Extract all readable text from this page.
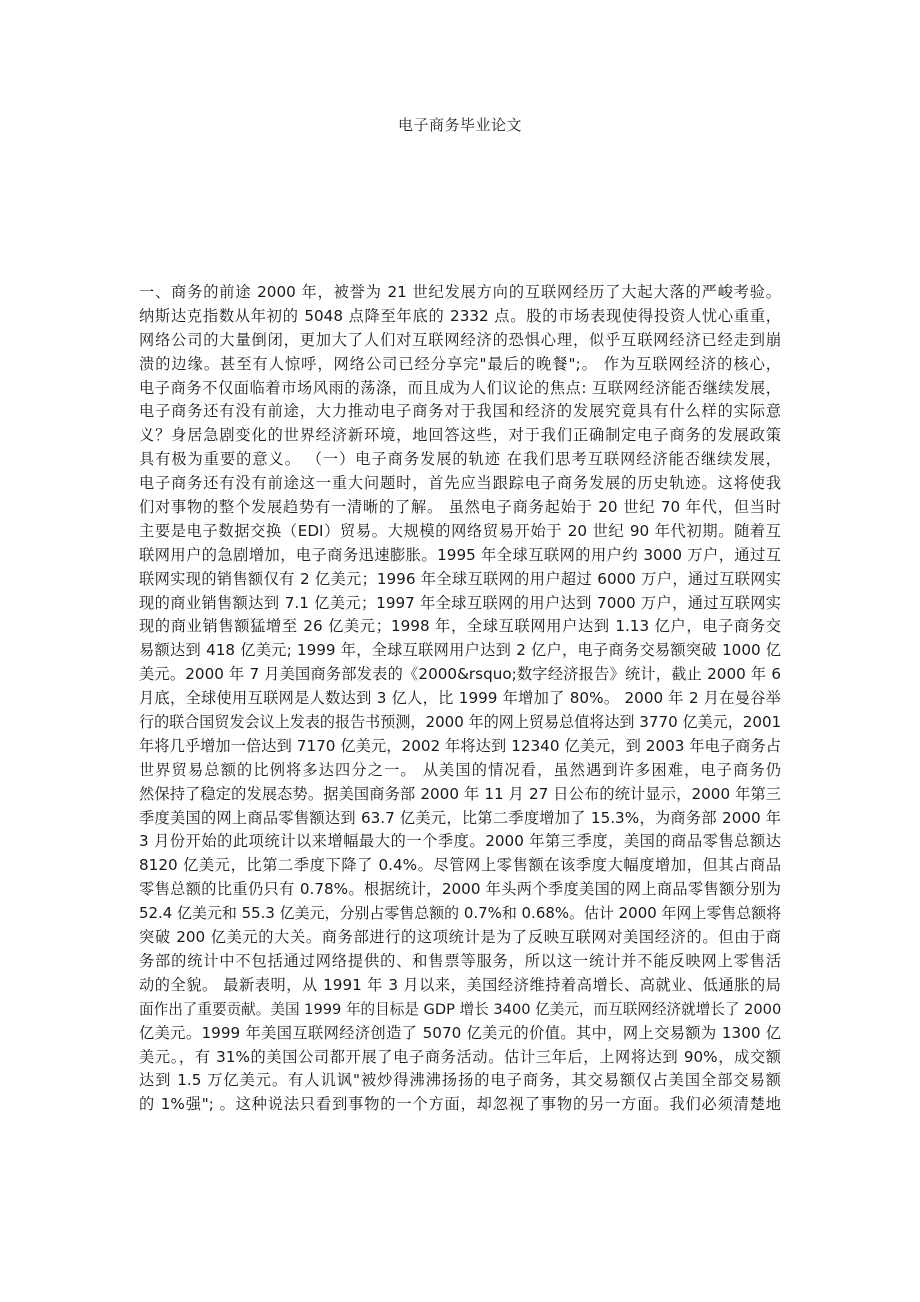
电子商务毕业论文
一、商务的前途 2000 年，被誉为 21 世纪发展方向的互联网经历了大起大落的严峻考验。
纳斯达克指数从年初的 5048 点降至年底的 2332 点。股的市场表现使得投资人忧心重重，
网络公司的大量倒闭，更加大了人们对互联网经济的恐惧心理，似乎互联网经济已经走到崩
溃的边缘。甚至有人惊呼，网络公司已经分享完"最后的晚餐";。 作为互联网经济的核心，
电子商务不仅面临着市场风雨的荡涤，而且成为人们议论的焦点: 互联网经济能否继续发展，
电子商务还有没有前途，大力推动电子商务对于我国和经济的发展究竟具有什么样的实际意
义？身居急剧变化的世界经济新环境，地回答这些，对于我们正确制定电子商务的发展政策
具有极为重要的意义。 （一）电子商务发展的轨迹 在我们思考互联网经济能否继续发展，
电子商务还有没有前途这一重大问题时，首先应当跟踪电子商务发展的历史轨迹。这将使我
们对事物的整个发展趋势有一清晰的了解。 虽然电子商务起始于 20 世纪 70 年代，但当时
主要是电子数据交换（EDI）贸易。大规模的网络贸易开始于 20 世纪 90 年代初期。随着互
联网用户的急剧增加，电子商务迅速膨胀。1995 年全球互联网的用户约 3000 万户，通过互
联网实现的销售额仅有 2 亿美元；1996 年全球互联网的用户超过 6000 万户，通过互联网实
现的商业销售额达到 7.1 亿美元；1997 年全球互联网的用户达到 7000 万户，通过互联网实
现的商业销售额猛增至 26 亿美元；1998 年，全球互联网用户达到 1.13 亿户，电子商务交
易额达到 418 亿美元; 1999 年，全球互联网用户达到 2 亿户，电子商务交易额突破 1000 亿
美元。2000 年 7 月美国商务部发表的《2000&rsquo;数字经济报告》统计，截止 2000 年 6
月底，全球使用互联网是人数达到 3 亿人，比 1999 年增加了 80%。 2000 年 2 月在曼谷举
行的联合国贸发会议上发表的报告书预测，2000 年的网上贸易总值将达到 3770 亿美元，2001
年将几乎增加一倍达到 7170 亿美元，2002 年将达到 12340 亿美元，到 2003 年电子商务占
世界贸易总额的比例将多达四分之一。 从美国的情况看，虽然遇到许多困难，电子商务仍
然保持了稳定的发展态势。据美国商务部 2000 年 11 月 27 日公布的统计显示，2000 年第三
季度美国的网上商品零售额达到 63.7 亿美元，比第二季度增加了 15.3%，为商务部 2000 年
3 月份开始的此项统计以来增幅最大的一个季度。2000 年第三季度，美国的商品零售总额达
8120 亿美元，比第二季度下降了 0.4%。尽管网上零售额在该季度大幅度增加，但其占商品
零售总额的比重仍只有 0.78%。根据统计，2000 年头两个季度美国的网上商品零售额分别为
52.4 亿美元和 55.3 亿美元，分别占零售总额的 0.7%和 0.68%。估计 2000 年网上零售总额将
突破 200 亿美元的大关。商务部进行的这项统计是为了反映互联网对美国经济的。但由于商
务部的统计中不包括通过网络提供的、和售票等服务，所以这一统计并不能反映网上零售活
动的全貌。 最新表明，从 1991 年 3 月以来，美国经济维持着高增长、高就业、低通胀的局
面作出了重要贡献。美国 1999 年的目标是 GDP 增长 3400 亿美元，而互联网经济就增长了 2000
亿美元。1999 年美国互联网经济创造了 5070 亿美元的价值。其中，网上交易额为 1300 亿
美元。，有 31%的美国公司都开展了电子商务活动。估计三年后，上网将达到 90%，成交额
达到 1.5 万亿美元。有人讥讽"被炒得沸沸扬扬的电子商务，其交易额仅占美国全部交易额
的 1%强"; 。这种说法只看到事物的一个方面，却忽视了事物的另一方面。我们必须清楚地
